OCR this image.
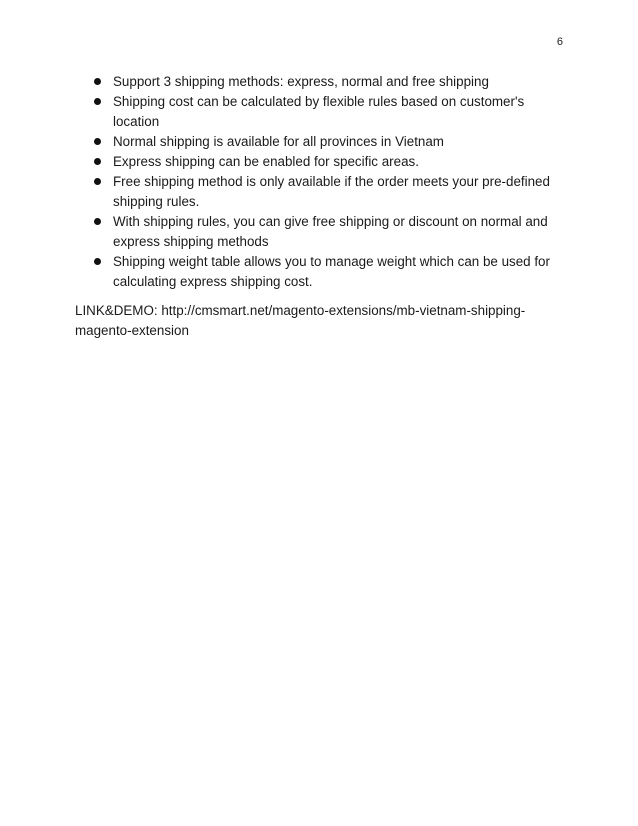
6
Support 3 shipping methods: express, normal and free shipping
Shipping cost can be calculated by flexible rules based on customer's location
Normal shipping is available for all provinces in Vietnam
Express shipping can be enabled for specific areas.
Free shipping method is only available if the order meets your pre-defined shipping rules.
With shipping rules, you can give free shipping or discount on normal and express shipping methods
Shipping weight table allows you to manage weight which can be used for calculating express shipping cost.

LINK&DEMO: http://cmsmart.net/magento-extensions/mb-vietnam-shipping-magento-extension
